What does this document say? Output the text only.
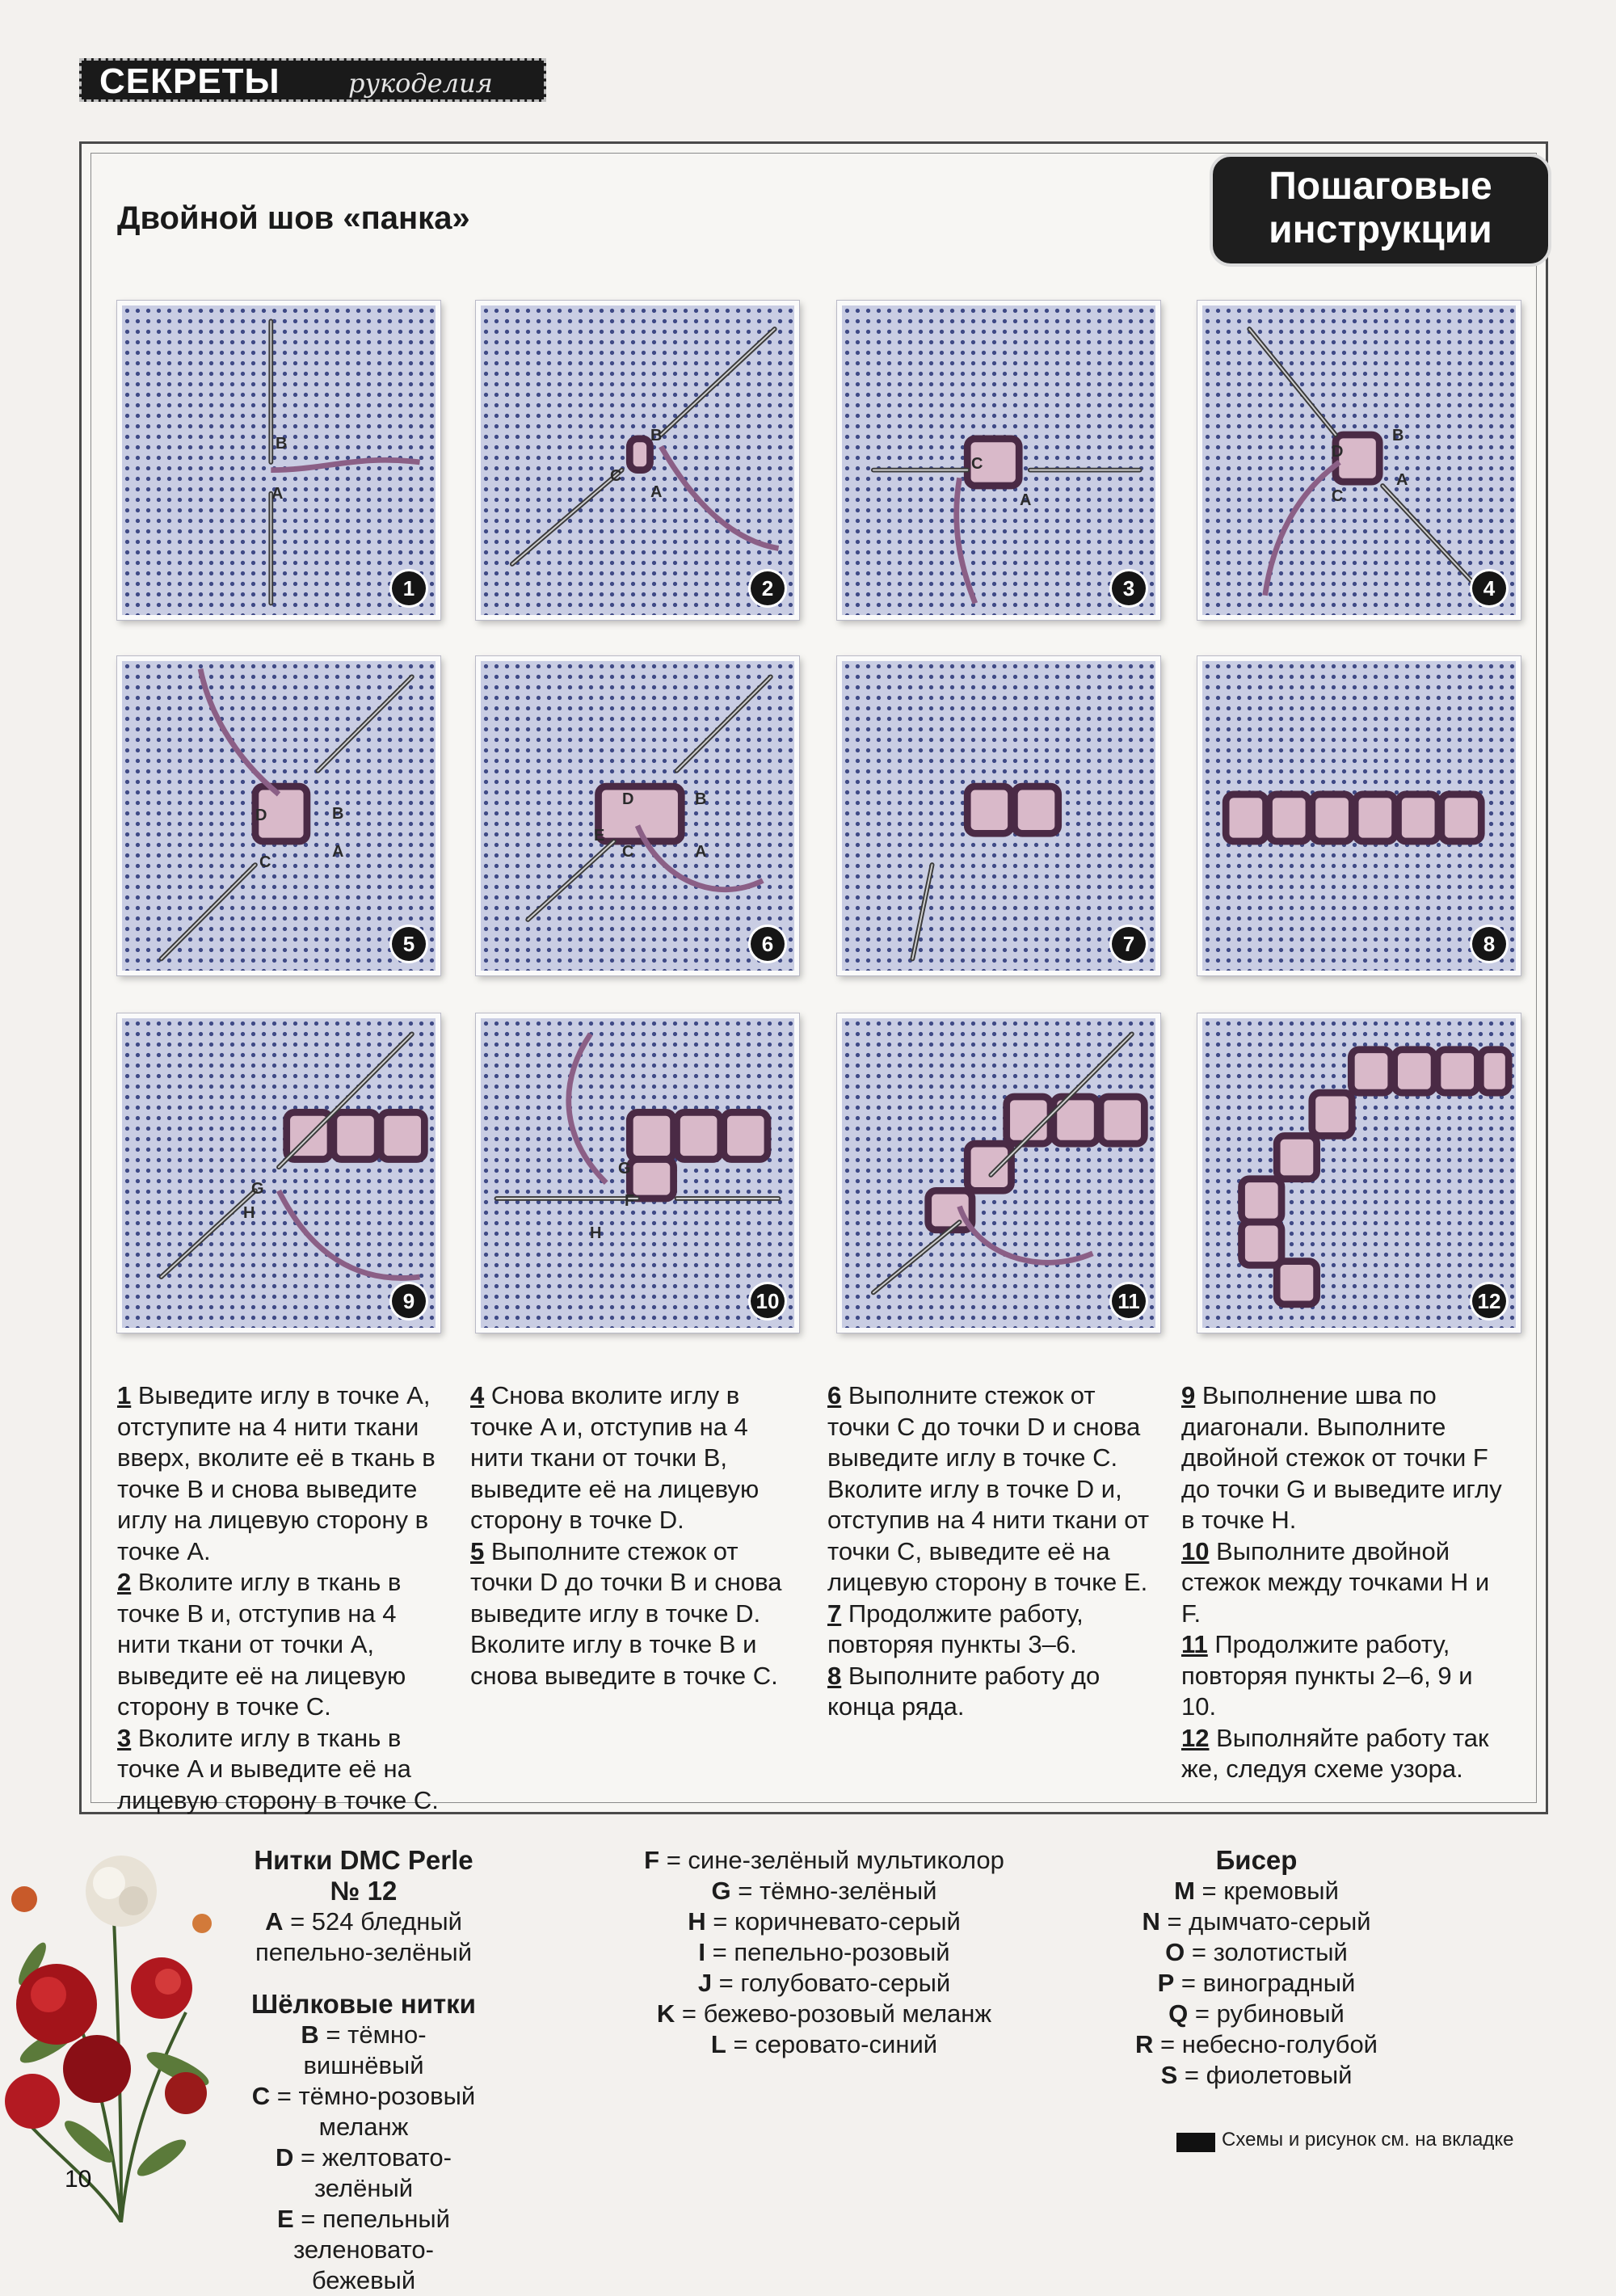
СЕКРЕТЫ	рукоделия
Двойной шов «панка»
Пошаговые
инструкции
B
A
1
B
C
A
2
C
A
3
D
B
A
C
4
D	B
A
C
5
D	B
E
C	A
6	7	8
G
H
9
G
F
H
10	11	12

1 Выведите иглу в точке A, отступите на 4 нити ткани вверх, вколите её в ткань в точке B и снова выведите иглу на лицевую сторону в точке A.

2 Вколите иглу в ткань в точке B и, отступив на 4 нити ткани от точки A, выведите её на лицевую сторону в точке C.

3 Вколите иглу в ткань в точке A и выведите её на лицевую сторону в точке C.

4 Снова вколите иглу в точке A и, отступив на 4 нити ткани от точки B, выведите её на лицевую сторону в точке D.

5 Выполните стежок от точки D до точки B и снова выведите иглу в точке D. Вколите иглу в точке B и снова выведите в точке C.

6 Выполните стежок от точки C до точки D и снова выведите иглу в точке C. Вколите иглу в точке D и, отступив на 4 нити ткани от точки C, выведите её на лицевую сторону в точке E.

7 Продолжите работу, повторяя пункты 3–6.

8 Выполните работу до конца ряда.

9 Выполнение шва по диагонали. Выполните двойной стежок от точки F до точки G и выведите иглу в точке H.

10 Выполните двойной стежок между точками H и F.

11 Продолжите работу, повторяя пункты 2–6, 9 и 10.

12 Выполняйте работу так же, следуя схеме узора.

Нитки DMC Perle № 12
A = 524 бледный
пепельно-зелёный
Шёлковые нитки
B = тёмно-вишнёвый
C = тёмно-розовый меланж
D = желтовато-зелёный
E = пепельный
зеленовато-бежевый
F = сине-зелёный мультиколор
G = тёмно-зелёный
H = коричневато-серый
I = пепельно-розовый
J = голубовато-серый
K = бежево-розовый меланж
L = серовато-синий
Бисер
M = кремовый
N = дымчато-серый
O = золотистый
P = виноградный
Q = рубиновый
R = небесно-голубой
S = фиолетовый
Схемы и рисунок см. на вкладке
10
